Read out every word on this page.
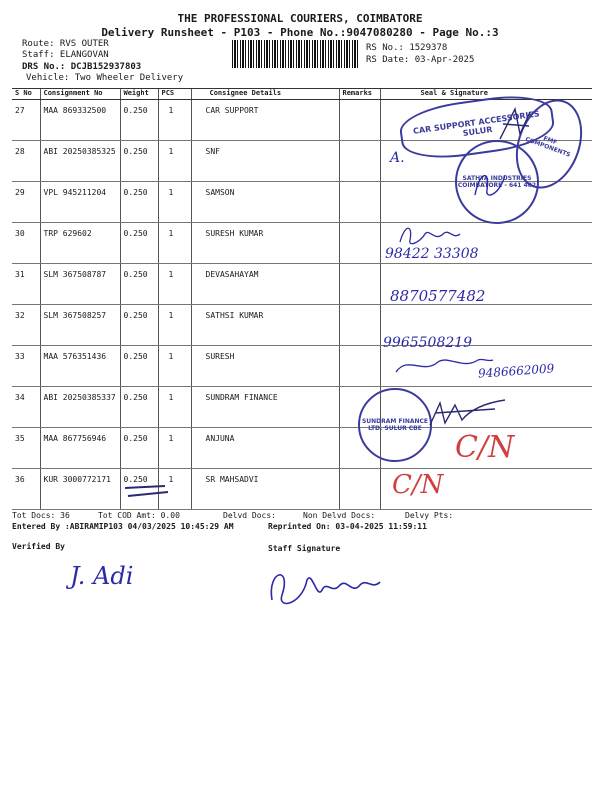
THE PROFESSIONAL COURIERS, COIMBATORE
Delivery Runsheet - P103 - Phone No.:9047080280 - Page No.:3
Route: RVS OUTER
Staff: ELANGOVAN
DRS No.: DCJB152937803
Vehicle: Two Wheeler Delivery
RS No.: 1529378
RS Date: 03-Apr-2025
S No	Consignment No	Weight	PCS	Consignee Details	Remarks	Seal & Signature
27	MAA 869332500	0.250	1	CAR SUPPORT		
28	ABI 20250385325	0.250	1	SNF		
29	VPL 945211204	0.250	1	SAMSON		
30	TRP 629602	0.250	1	SURESH KUMAR		
31	SLM 367508787	0.250	1	DEVASAHAYAM		
32	SLM 367508257	0.250	1	SATHSI KUMAR		
33	MAA 576351436	0.250	1	SURESH		
34	ABI 20250385337	0.250	1	SUNDRAM FINANCE		
35	MAA 867756946	0.250	1	ANJUNA		
36	KUR 3000772171	0.250	1	SR MAHSADVI		
CAR SUPPORT ACCESSORIES SULUR
FMF COMPONENTS
SATHYA INDUSTRIES COIMBATORE - 641 402
SUNDRAM FINANCE LTD. SULUR CBE
A.
98422 33308
8870577482
9965508219
9486662009
C/N
C/N
Tot Docs: 36	Tot COD Amt: 0.00	Delvd Docs:	Non Delvd Docs:	Delvy Pts:
Entered By :ABIRAMIP103 04/03/2025 10:45:29 AM	Reprinted On: 03-04-2025 11:59:11
Verified By	Staff Signature
J. Adi
